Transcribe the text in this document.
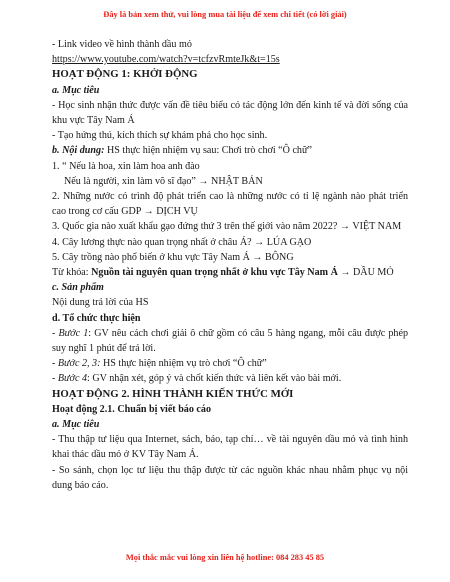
Đây là bản xem thử, vui lòng mua tài liệu để xem chi tiết (có lời giải)

- Link video về hình thành dầu mỏ

https://www.youtube.com/watch?v=tcfzvRmteJk&t=15s

HOẠT ĐỘNG 1: KHỞI ĐỘNG

a. Mục tiêu

- Học sinh nhận thức được vấn đề tiêu biểu có tác động lớn đến kinh tế và đời sống của khu vực Tây Nam Á

- Tạo hứng thú, kích thích sự khám phá cho học sinh.

b. Nội dung: HS thực hiện nhiệm vụ sau: Chơi trò chơi “Ô chữ”

1. “ Nếu là hoa, xin làm hoa anh đào

Nếu là người, xin làm võ sĩ đạo” → NHẬT BẢN

2. Những nước có trình độ phát triển cao là những nước có tỉ lệ ngành nào phát triển cao trong cơ cấu GDP → DỊCH VỤ

3. Quốc gia nào xuất khẩu gạo đứng thứ 3 trên thế giới vào năm 2022? → VIỆT NAM

4. Cây lương thực nào quan trọng nhất ở châu Á? → LÚA GẠO

5. Cây trồng nào phổ biến ở khu vực Tây Nam Á → BÔNG

Từ khóa: Nguồn tài nguyên quan trọng nhất ở khu vực Tây Nam Á → DẦU MỎ

c. Sản phẩm

Nội dung trả lời của HS

d. Tổ chức thực hiện

- Bước 1: GV nêu cách chơi giải ô chữ gồm có câu 5 hàng ngang, mỗi câu được phép suy nghĩ 1 phút để trả lời.

- Bước 2, 3: HS thực hiện nhiệm vụ trò chơi “Ô chữ”

- Bước 4: GV nhận xét, góp ý và chốt kiến thức và liên kết vào bài mới.

HOẠT ĐỘNG 2. HÌNH THÀNH KIẾN THỨC MỚI

Hoạt động 2.1. Chuẩn bị viết báo cáo

a. Mục tiêu

- Thu thập tư liệu qua Internet, sách, báo, tạp chí… về tài nguyên dầu mỏ và tình hình khai thác dầu mỏ ở KV Tây Nam Á.

- So sánh, chọn lọc tư liệu thu thập được từ các nguồn khác nhau nhằm phục vụ nội dung báo cáo.

Mọi thắc mắc vui lòng xin liên hệ hotline: 084 283 45 85
